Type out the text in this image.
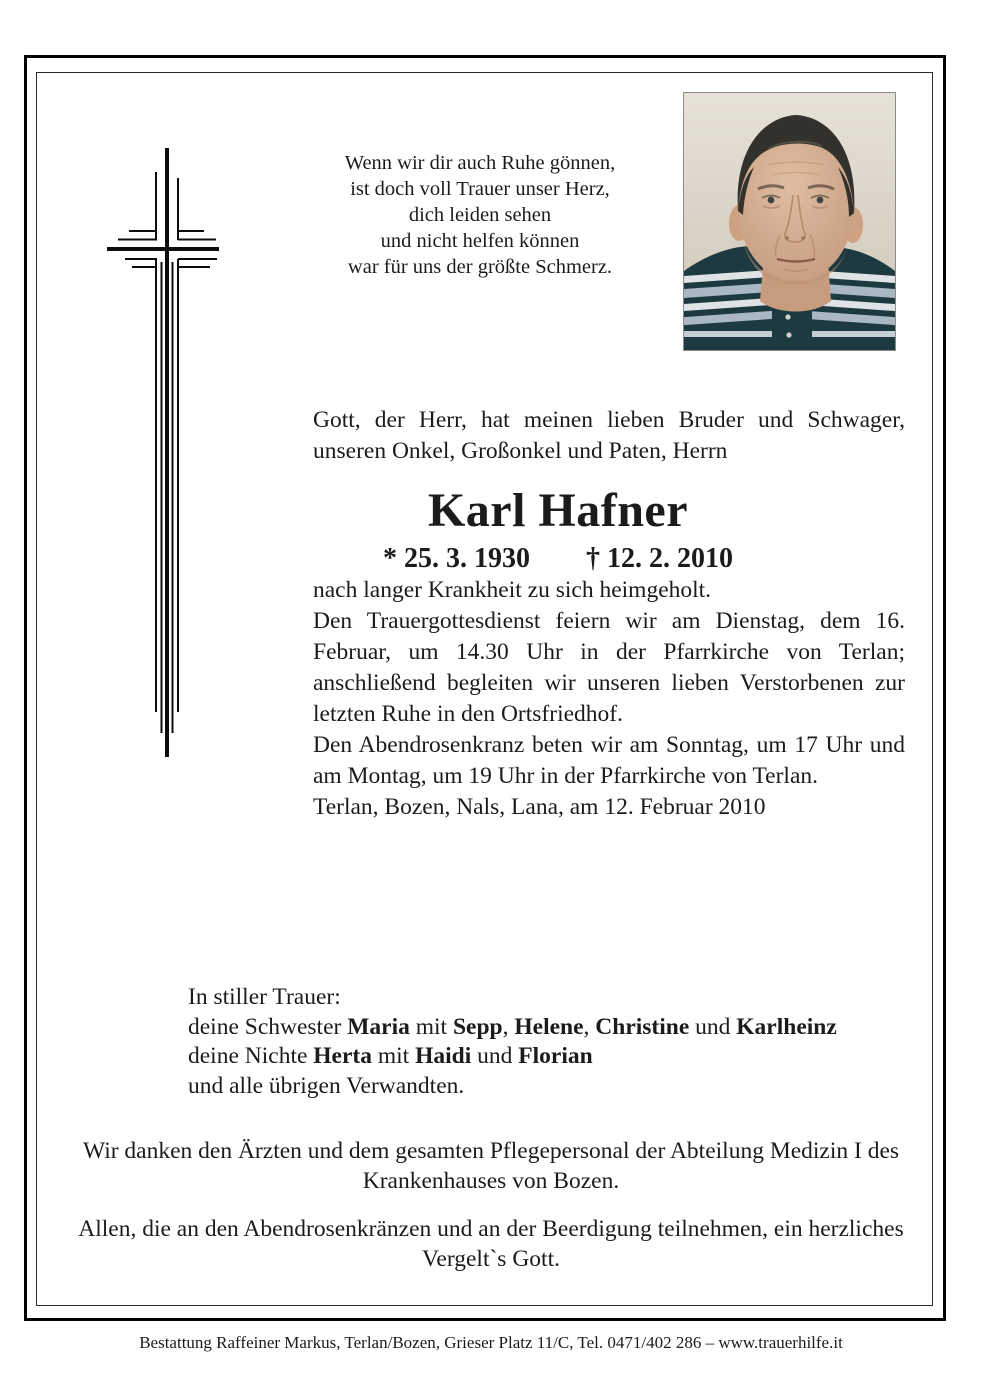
Wenn wir dir auch Ruhe gönnen,

ist doch voll Trauer unser Herz,

dich leiden sehen

und nicht helfen können

war für uns der größte Schmerz.

Gott, der Herr, hat meinen lieben Bruder und Schwager, unseren Onkel, Großonkel und Paten, Herrn

Karl Hafner

* 25. 3. 1930 † 12. 2. 2010

nach langer Krankheit zu sich heimgeholt.

Den Trauergottesdienst feiern wir am Dienstag, dem 16. Februar, um 14.30 Uhr in der Pfarrkirche von Terlan; anschließend begleiten wir unseren lieben Verstorbenen zur letzten Ruhe in den Ortsfriedhof.

Den Abendrosenkranz beten wir am Sonntag, um 17 Uhr und am Montag, um 19 Uhr in der Pfarrkirche von Terlan.

Terlan, Bozen, Nals, Lana, am 12. Februar 2010

In stiller Trauer:

deine Schwester Maria mit Sepp, Helene, Christine und Karlheinz

deine Nichte Herta mit Haidi und Florian

und alle übrigen Verwandten.

Wir danken den Ärzten und dem gesamten Pflegepersonal der Abteilung Medizin I des Krankenhauses von Bozen.

Allen, die an den Abendrosenkränzen und an der Beerdigung teilnehmen, ein herzliches Vergelt`s Gott.

Bestattung Raffeiner Markus, Terlan/Bozen, Grieser Platz 11/C, Tel. 0471/402 286 – www.trauerhilfe.it
